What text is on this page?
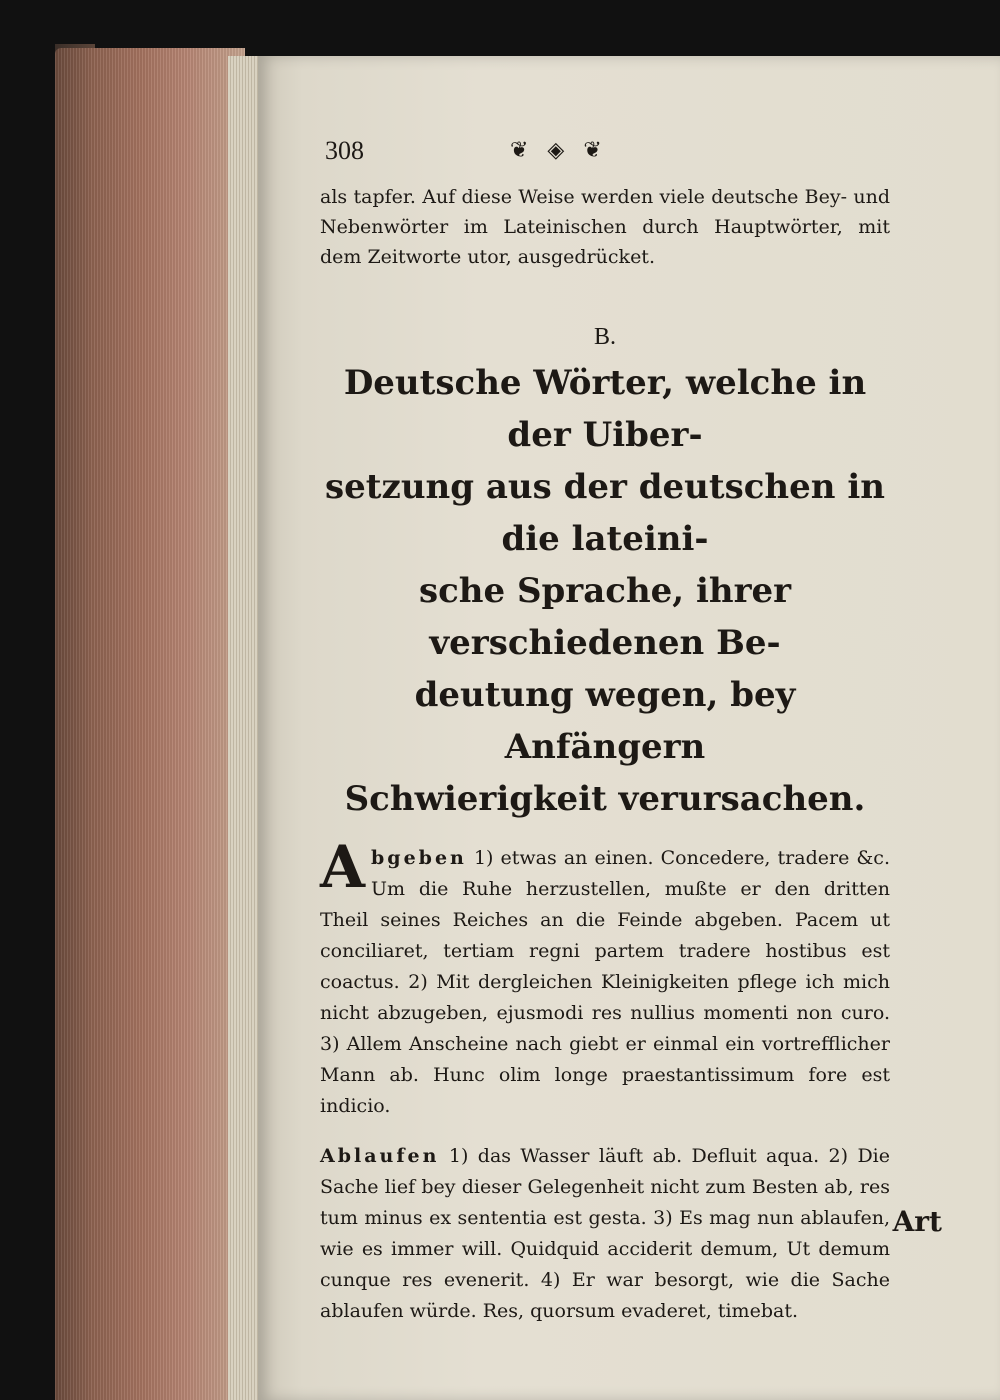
308	❦ ◈ ❦

als tapfer. Auf diese Weise werden viele deutsche Bey- und Nebenwörter im Lateinischen durch Hauptwörter, mit dem Zeitworte utor, ausgedrücket.

B.
Deutsche Wörter, welche in der Uiber-
setzung aus der deutschen in die lateini-
sche Sprache, ihrer verschiedenen Be-
deutung wegen, bey Anfängern
Schwierigkeit verursachen.

A bgeben 1) etwas an einen. Concedere, tradere &c. Um die Ruhe herzustellen, mußte er den dritten Theil seines Reiches an die Feinde abgeben. Pacem ut conciliaret, tertiam regni partem tradere hostibus est coactus. 2) Mit dergleichen Kleinigkeiten pflege ich mich nicht abzugeben, ejusmodi res nullius momenti non curo. 3) Allem Anscheine nach giebt er einmal ein vortrefflicher Mann ab. Hunc olim longe praestantissimum fore est indicio.

Ablaufen 1) das Wasser läuft ab. Defluit aqua. 2) Die Sache lief bey dieser Gelegenheit nicht zum Besten ab, res tum minus ex sententia est gesta. 3) Es mag nun ablaufen, wie es immer will. Quidquid acciderit demum, Ut demum cunque res evenerit. 4) Er war besorgt, wie die Sache ablaufen würde. Res, quorsum evaderet, timebat.

Art
